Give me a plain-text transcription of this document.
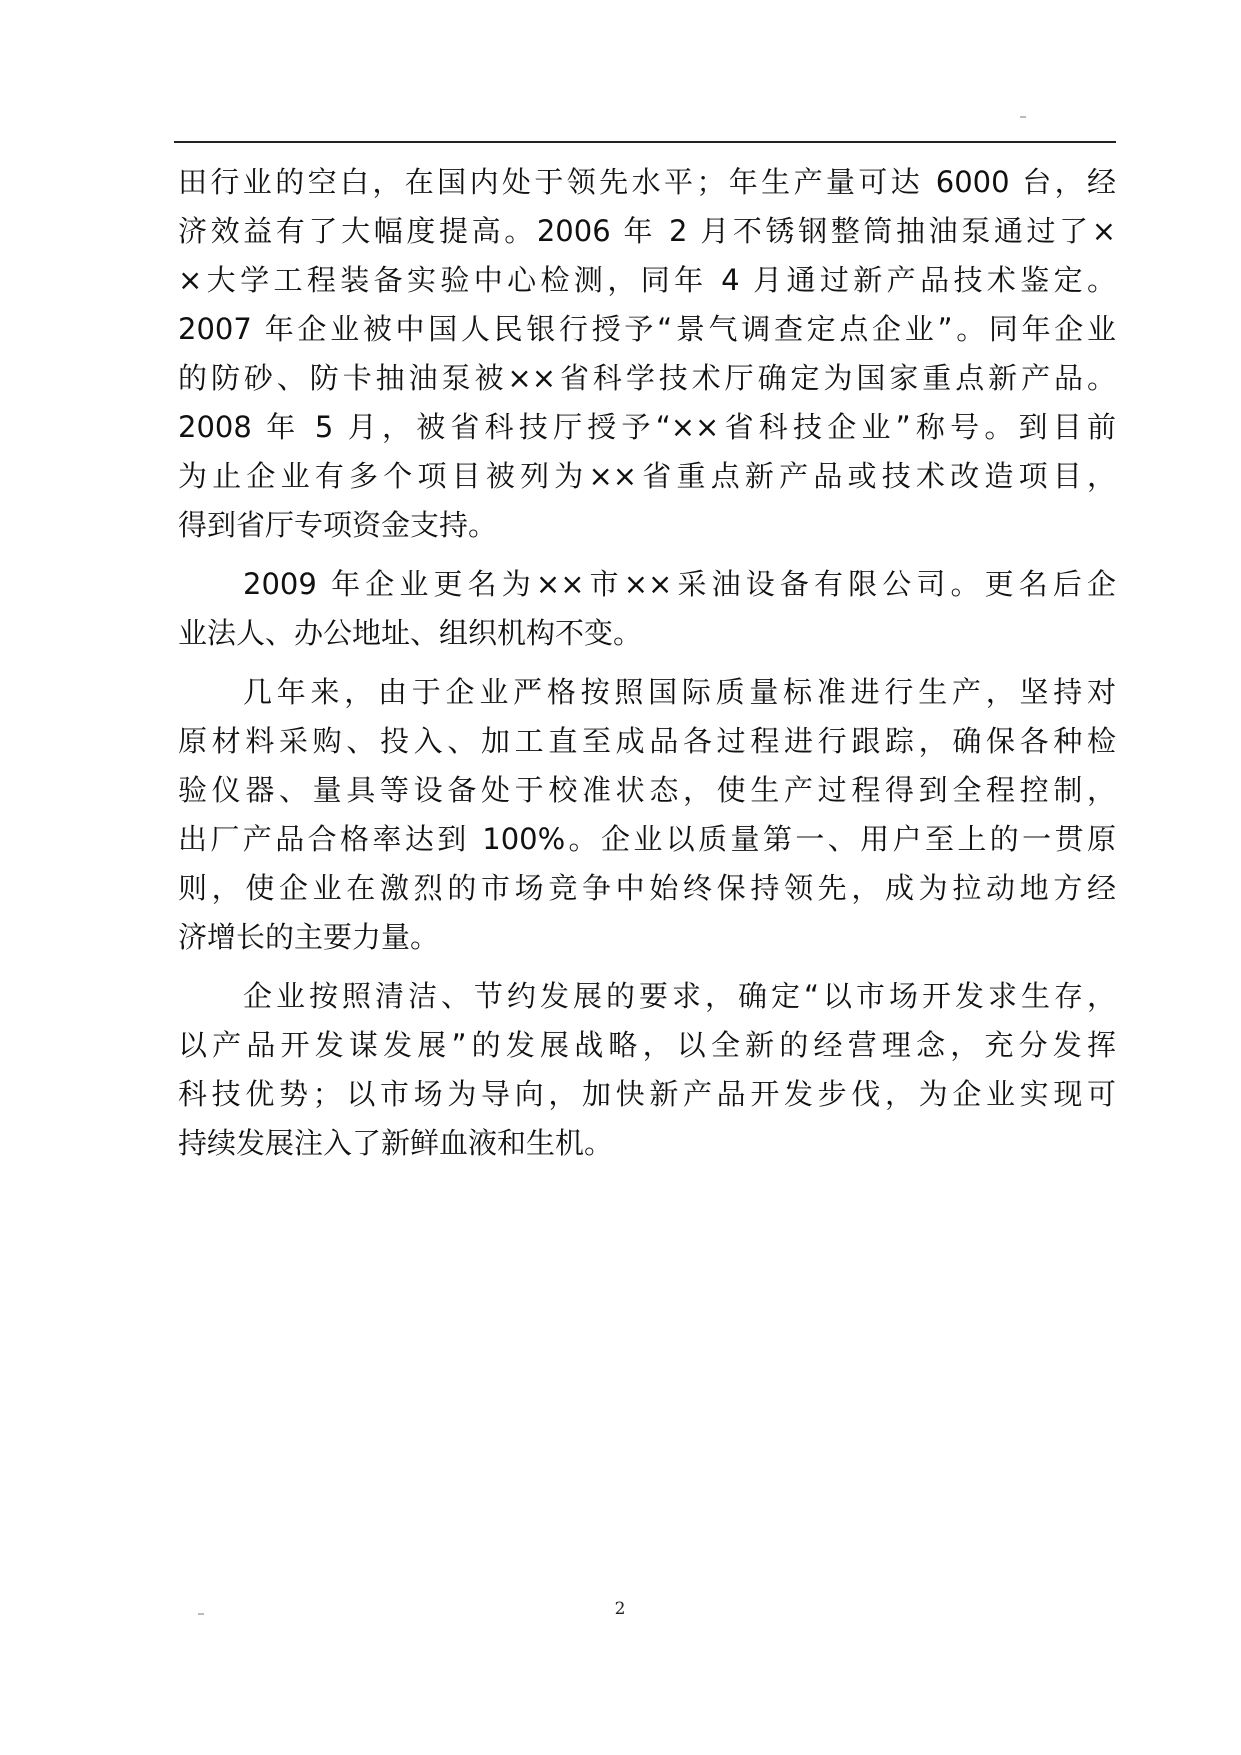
田行业的空白，在国内处于领先水平；年生产量可达 6000 台，经
济效益有了大幅度提高。2006 年 2 月不锈钢整筒抽油泵通过了×
×大学工程装备实验中心检测，同年 4 月通过新产品技术鉴定。
2007 年企业被中国人民银行授予“景气调查定点企业”。同年企业
的防砂、防卡抽油泵被××省科学技术厅确定为国家重点新产品。
2008 年 5 月，被省科技厅授予“××省科技企业”称号。到目前
为止企业有多个项目被列为××省重点新产品或技术改造项目，
得到省厅专项资金支持。
2009 年企业更名为××市××采油设备有限公司。更名后企
业法人、办公地址、组织机构不变。
几年来，由于企业严格按照国际质量标准进行生产，坚持对
原材料采购、投入、加工直至成品各过程进行跟踪，确保各种检
验仪器、量具等设备处于校准状态，使生产过程得到全程控制，
出厂产品合格率达到 100%。企业以质量第一、用户至上的一贯原
则，使企业在激烈的市场竞争中始终保持领先，成为拉动地方经
济增长的主要力量。
企业按照清洁、节约发展的要求，确定“以市场开发求生存，
以产品开发谋发展”的发展战略，以全新的经营理念，充分发挥
科技优势；以市场为导向，加快新产品开发步伐，为企业实现可
持续发展注入了新鲜血液和生机。
2
